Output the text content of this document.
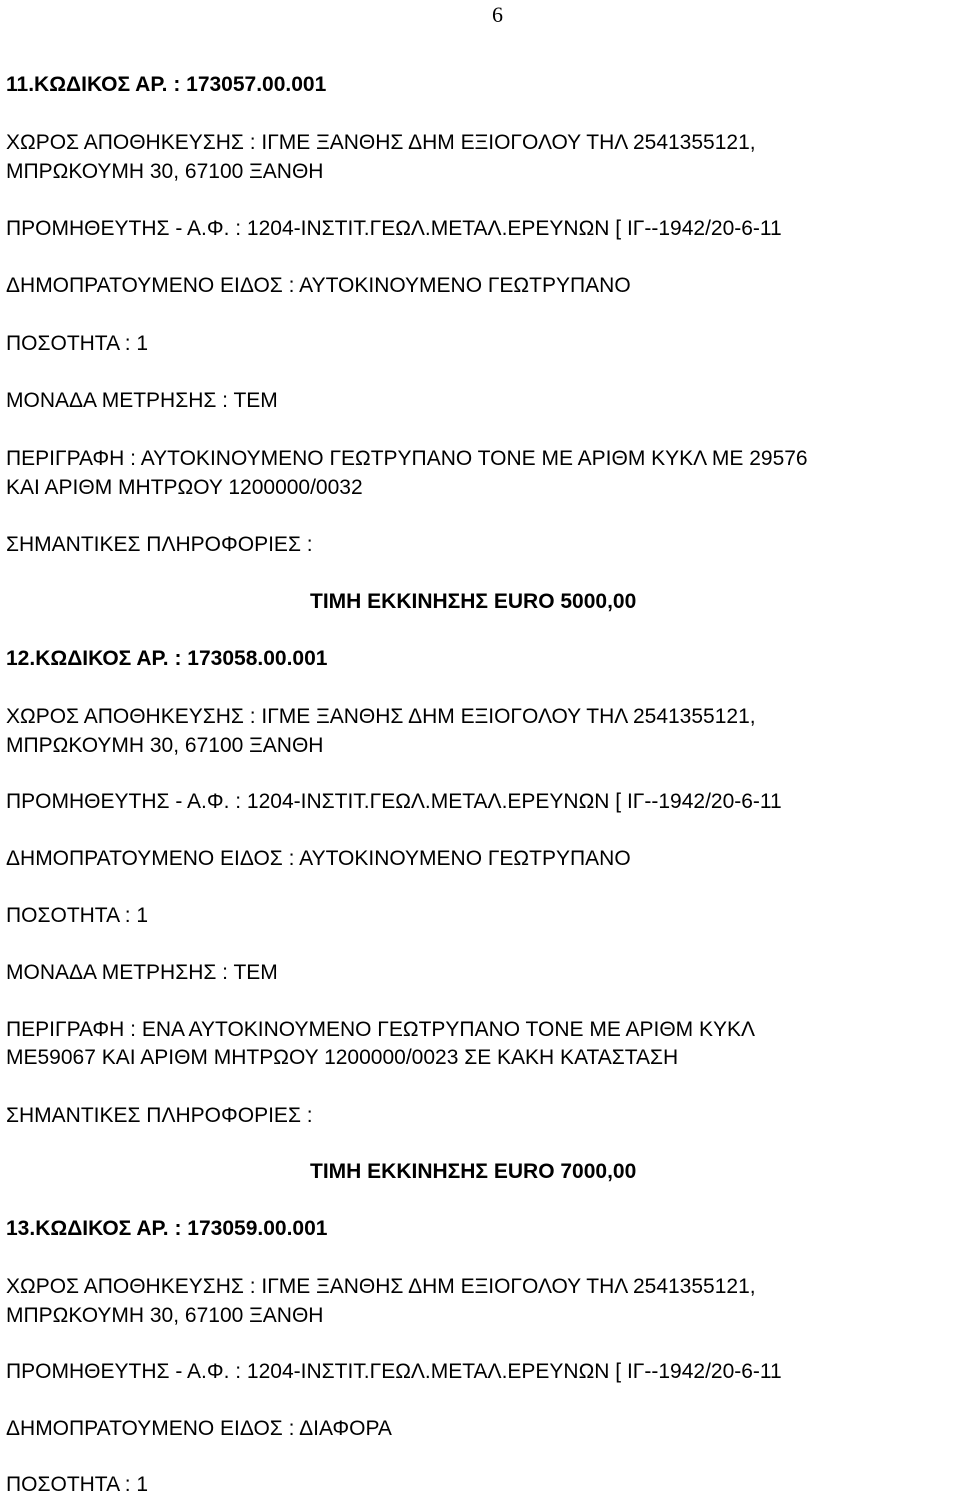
6
11.ΚΩΔΙΚΟΣ ΑΡ. : 173057.00.001
ΧΩΡΟΣ ΑΠΟΘΗΚΕΥΣΗΣ : ΙΓΜΕ ΞΑΝΘΗΣ ΔΗΜ ΕΞΙΟΓΟΛΟΥ ΤΗΛ 2541355121,
ΜΠΡΩΚΟΥΜΗ 30, 67100 ΞΑΝΘΗ
ΠΡΟΜΗΘΕΥΤΗΣ - Α.Φ. : 1204-ΙΝΣΤΙΤ.ΓΕΩΛ.ΜΕΤΑΛ.ΕΡΕΥΝΩΝ [ ΙΓ--1942/20-6-11
ΔΗΜΟΠΡΑΤΟΥΜΕΝΟ ΕΙΔΟΣ : ΑΥΤΟΚΙΝΟΥΜΕΝΟ ΓΕΩΤΡΥΠΑΝΟ
ΠΟΣΟΤΗΤΑ : 1
ΜΟΝΑΔΑ ΜΕΤΡΗΣΗΣ : ΤΕΜ
ΠΕΡΙΓΡΑΦΗ : ΑΥΤΟΚΙΝΟΥΜΕΝΟ ΓΕΩΤΡΥΠΑΝΟ ΤΟΝΕ ΜΕ ΑΡΙΘΜ ΚΥΚΛ ΜΕ 29576
ΚΑΙ ΑΡΙΘΜ ΜΗΤΡΩΟΥ 1200000/0032
ΣΗΜΑΝΤΙΚΕΣ ΠΛΗΡΟΦΟΡΙΕΣ :
ΤΙΜΗ ΕΚΚΙΝΗΣΗΣ EURO 5000,00
12.ΚΩΔΙΚΟΣ ΑΡ. : 173058.00.001
ΧΩΡΟΣ ΑΠΟΘΗΚΕΥΣΗΣ : ΙΓΜΕ ΞΑΝΘΗΣ ΔΗΜ ΕΞΙΟΓΟΛΟΥ ΤΗΛ 2541355121,
ΜΠΡΩΚΟΥΜΗ 30, 67100 ΞΑΝΘΗ
ΠΡΟΜΗΘΕΥΤΗΣ - Α.Φ. : 1204-ΙΝΣΤΙΤ.ΓΕΩΛ.ΜΕΤΑΛ.ΕΡΕΥΝΩΝ [ ΙΓ--1942/20-6-11
ΔΗΜΟΠΡΑΤΟΥΜΕΝΟ ΕΙΔΟΣ : ΑΥΤΟΚΙΝΟΥΜΕΝΟ ΓΕΩΤΡΥΠΑΝΟ
ΠΟΣΟΤΗΤΑ : 1
ΜΟΝΑΔΑ ΜΕΤΡΗΣΗΣ : ΤΕΜ
ΠΕΡΙΓΡΑΦΗ : ΕΝΑ ΑΥΤΟΚΙΝΟΥΜΕΝΟ ΓΕΩΤΡΥΠΑΝΟ ΤΟΝΕ ΜΕ ΑΡΙΘΜ ΚΥΚΛ
ΜΕ59067 ΚΑΙ ΑΡΙΘΜ ΜΗΤΡΩΟΥ 1200000/0023 ΣΕ ΚΑΚΗ ΚΑΤΑΣΤΑΣΗ
ΣΗΜΑΝΤΙΚΕΣ ΠΛΗΡΟΦΟΡΙΕΣ :
ΤΙΜΗ ΕΚΚΙΝΗΣΗΣ EURO 7000,00
13.ΚΩΔΙΚΟΣ ΑΡ. : 173059.00.001
ΧΩΡΟΣ ΑΠΟΘΗΚΕΥΣΗΣ : ΙΓΜΕ ΞΑΝΘΗΣ ΔΗΜ ΕΞΙΟΓΟΛΟΥ ΤΗΛ 2541355121,
ΜΠΡΩΚΟΥΜΗ 30, 67100 ΞΑΝΘΗ
ΠΡΟΜΗΘΕΥΤΗΣ - Α.Φ. : 1204-ΙΝΣΤΙΤ.ΓΕΩΛ.ΜΕΤΑΛ.ΕΡΕΥΝΩΝ [ ΙΓ--1942/20-6-11
ΔΗΜΟΠΡΑΤΟΥΜΕΝΟ ΕΙΔΟΣ : ΔΙΑΦΟΡΑ
ΠΟΣΟΤΗΤΑ : 1
